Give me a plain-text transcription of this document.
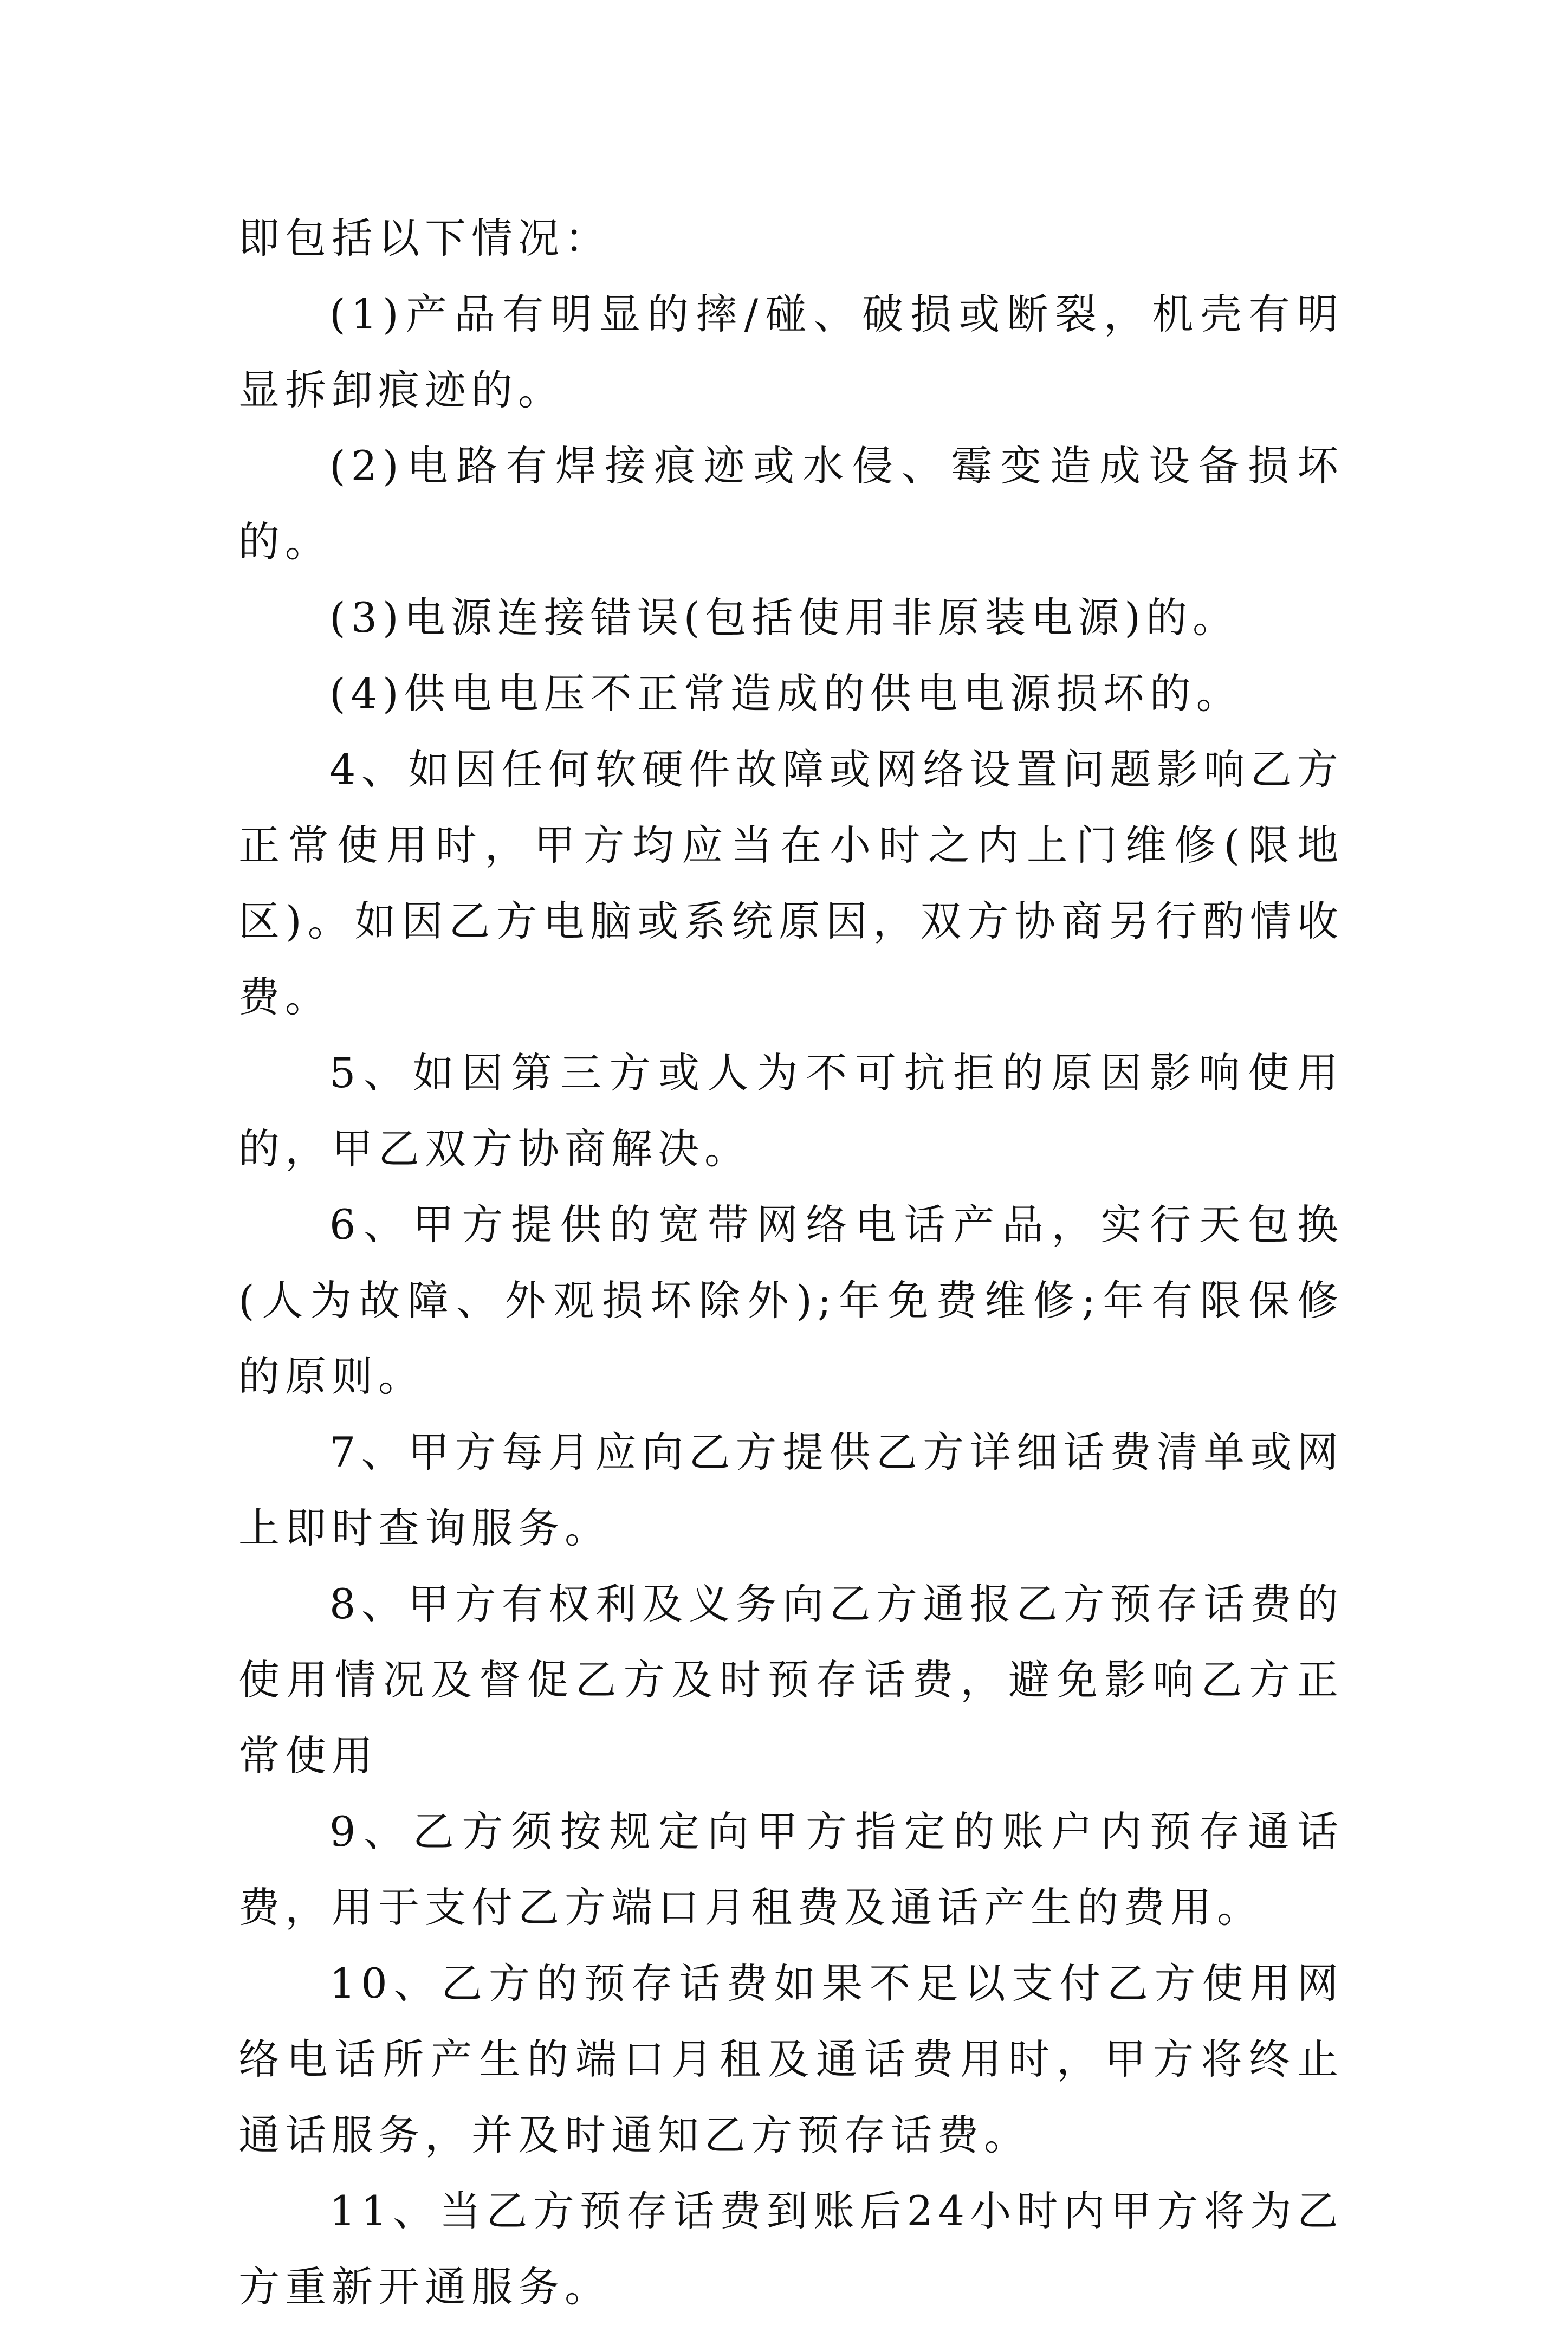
即包括以下情况：

(1)产品有明显的摔/碰、破损或断裂，机壳有明显拆卸痕迹的。

(2)电路有焊接痕迹或水侵、霉变造成设备损坏的。

(3)电源连接错误(包括使用非原装电源)的。

(4)供电电压不正常造成的供电电源损坏的。

4、如因任何软硬件故障或网络设置问题影响乙方正常使用时，甲方均应当在小时之内上门维修(限地区)。如因乙方电脑或系统原因，双方协商另行酌情收费。

5、如因第三方或人为不可抗拒的原因影响使用的，甲乙双方协商解决。

6、甲方提供的宽带网络电话产品，实行天包换(人为故障、外观损坏除外);年免费维修;年有限保修的原则。

7、甲方每月应向乙方提供乙方详细话费清单或网上即时查询服务。

8、甲方有权利及义务向乙方通报乙方预存话费的使用情况及督促乙方及时预存话费，避免影响乙方正常使用

9、乙方须按规定向甲方指定的账户内预存通话费，用于支付乙方端口月租费及通话产生的费用。

10、乙方的预存话费如果不足以支付乙方使用网络电话所产生的端口月租及通话费用时，甲方将终止通话服务，并及时通知乙方预存话费。

11、当乙方预存话费到账后24小时内甲方将为乙方重新开通服务。
